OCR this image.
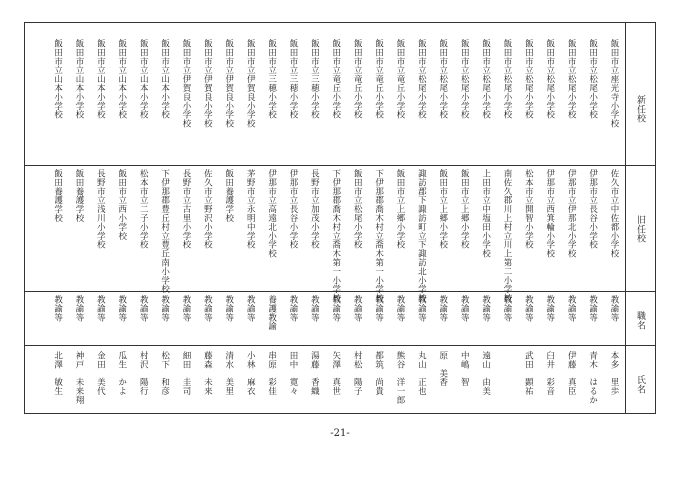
新任校
旧任校
職名
氏名
飯田市立座光寺小学校
佐久市立中佐都小学校
教諭等
本多　里歩
飯田市立松尾小学校
伊那市立長谷小学校
教諭等
青木　はるか
飯田市立松尾小学校
伊那市立伊那北小学校
教諭等
伊藤　真臣
飯田市立松尾小学校
伊那市立西箕輪小学校
教諭等
臼井　彩音
飯田市立松尾小学校
松本市立開智小学校
教諭等
武田　顕祐
飯田市立松尾小学校
南佐久郡川上村立川上第二小学校
教諭等
飯田市立松尾小学校
上田市立中塩田小学校
教諭等
遠山　由美
飯田市立松尾小学校
飯田市立上郷小学校
教諭等
中嶋　智
飯田市立松尾小学校
飯田市立上郷小学校
教諭等
原　美香
飯田市立松尾小学校
諏訪郡下諏訪町立下諏訪北小学校
教諭等
丸山　正也
飯田市立竜丘小学校
飯田市立上郷小学校
教諭等
熊谷　洋一郎
飯田市立竜丘小学校
下伊那郡喬木村立喬木第一小学校
教諭等
都筑　尚貴
飯田市立竜丘小学校
飯田市立松尾小学校
教諭等
村松　陽子
飯田市立竜丘小学校
下伊那郡喬木村立喬木第一小学校
教諭等
矢澤　真世
飯田市立三穂小学校
長野市立加茂小学校
教諭等
湯藤　香織
飯田市立三穂小学校
伊那市立長谷小学校
教諭等
田中　寛々
飯田市立三穂小学校
伊那市立高遠北小学校
養護教諭
串原　彩佳
飯田市立伊賀良小学校
茅野市立永明中学校
教諭等
小林　麻衣
飯田市立伊賀良小学校
飯田養護学校
教諭等
清水　美里
飯田市立伊賀良小学校
佐久市立野沢小学校
教諭等
藤森　未来
飯田市立伊賀良小学校
長野市立古里小学校
教諭等
細田　圭司
飯田市立山本小学校
下伊那郡豊丘村立豊丘南小学校
教諭等
松下　和彦
飯田市立山本小学校
松本市立二子小学校
教諭等
村沢　陽行
飯田市立山本小学校
飯田市立西小学校
教諭等
瓜生　かよ
飯田市立山本小学校
長野市立浅川小学校
教諭等
金田　美代
飯田市立山本小学校
飯田養護学校
教諭等
神戸　未来翔
飯田市立山本小学校
飯田養護学校
教諭等
北澤　敏生
-21-
